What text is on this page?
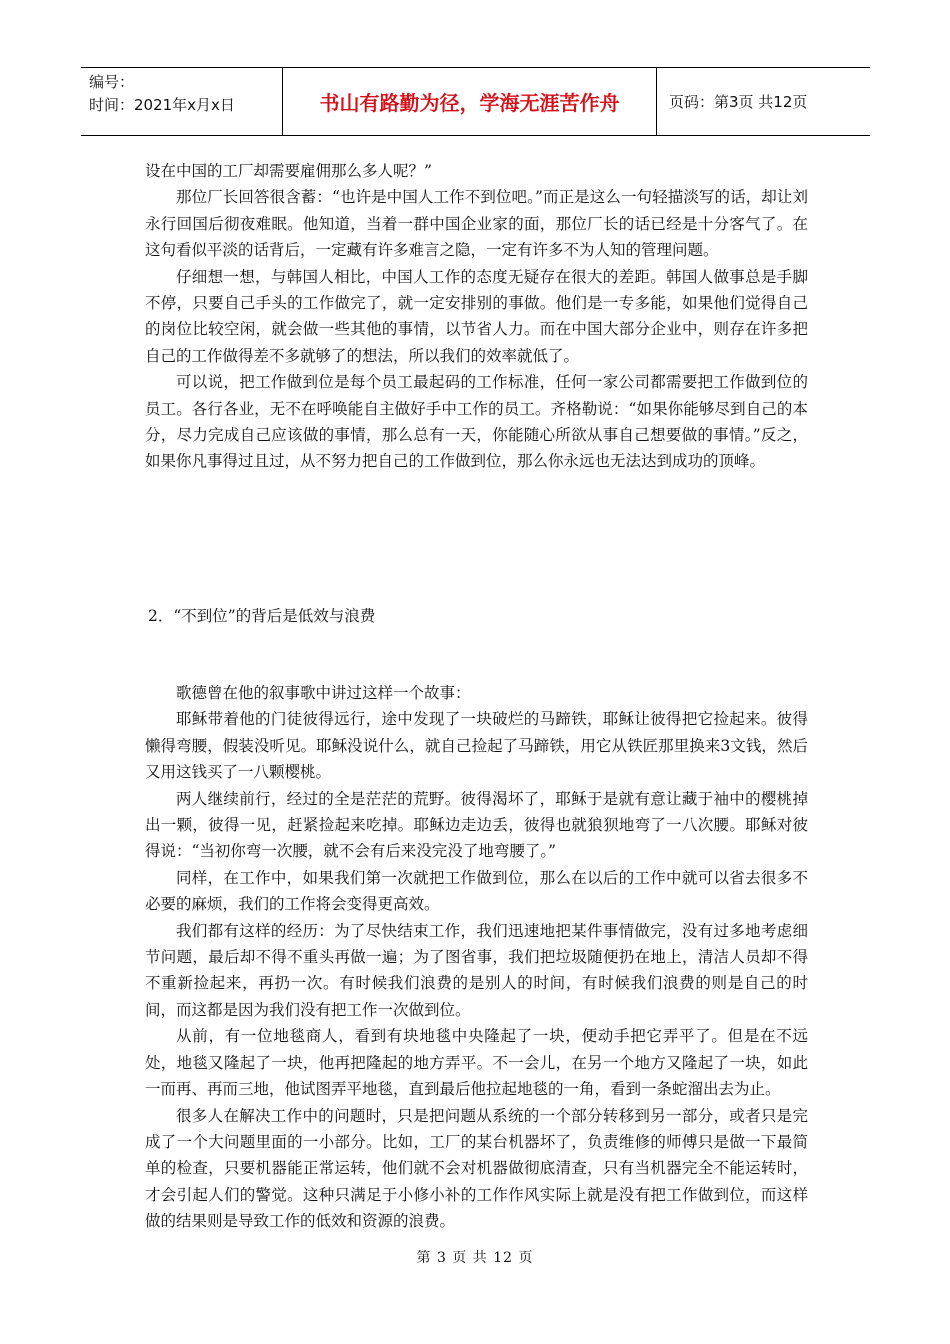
编号：
时间：2021年x月x日	书山有路勤为径，学海无涯苦作舟	页码：第3页 共12页

设在中国的工厂却需要雇佣那么多人呢？”

那位厂长回答很含蓄：“也许是中国人工作不到位吧。”而正是这么一句轻描淡写的话，却让刘永行回国后彻夜难眠。他知道，当着一群中国企业家的面，那位厂长的话已经是十分客气了。在这句看似平淡的话背后，一定藏有许多难言之隐，一定有许多不为人知的管理问题。

仔细想一想，与韩国人相比，中国人工作的态度无疑存在很大的差距。韩国人做事总是手脚不停，只要自己手头的工作做完了，就一定安排别的事做。他们是一专多能，如果他们觉得自己的岗位比较空闲，就会做一些其他的事情，以节省人力。而在中国大部分企业中，则存在许多把自己的工作做得差不多就够了的想法，所以我们的效率就低了。

可以说，把工作做到位是每个员工最起码的工作标准，任何一家公司都需要把工作做到位的员工。各行各业，无不在呼唤能自主做好手中工作的员工。齐格勒说：“如果你能够尽到自己的本分，尽力完成自己应该做的事情，那么总有一天，你能随心所欲从事自己想要做的事情。”反之，如果你凡事得过且过，从不努力把自己的工作做到位，那么你永远也无法达到成功的顶峰。

2．“不到位”的背后是低效与浪费

歌德曾在他的叙事歌中讲过这样一个故事：

耶稣带着他的门徒彼得远行，途中发现了一块破烂的马蹄铁，耶稣让彼得把它捡起来。彼得懒得弯腰，假装没听见。耶稣没说什么，就自己捡起了马蹄铁，用它从铁匠那里换来3文钱，然后又用这钱买了一八颗樱桃。

两人继续前行，经过的全是茫茫的荒野。彼得渴坏了，耶稣于是就有意让藏于袖中的樱桃掉出一颗，彼得一见，赶紧捡起来吃掉。耶稣边走边丢，彼得也就狼狈地弯了一八次腰。耶稣对彼得说：“当初你弯一次腰，就不会有后来没完没了地弯腰了。”

同样，在工作中，如果我们第一次就把工作做到位，那么在以后的工作中就可以省去很多不必要的麻烦，我们的工作将会变得更高效。

我们都有这样的经历：为了尽快结束工作，我们迅速地把某件事情做完，没有过多地考虑细节问题，最后却不得不重头再做一遍；为了图省事，我们把垃圾随便扔在地上，清洁人员却不得不重新捡起来，再扔一次。有时候我们浪费的是别人的时间，有时候我们浪费的则是自己的时间，而这都是因为我们没有把工作一次做到位。

从前，有一位地毯商人，看到有块地毯中央隆起了一块，便动手把它弄平了。但是在不远处，地毯又隆起了一块，他再把隆起的地方弄平。不一会儿，在另一个地方又隆起了一块，如此一而再、再而三地，他试图弄平地毯，直到最后他拉起地毯的一角，看到一条蛇溜出去为止。

很多人在解决工作中的问题时，只是把问题从系统的一个部分转移到另一部分，或者只是完成了一个大问题里面的一小部分。比如，工厂的某台机器坏了，负责维修的师傅只是做一下最简单的检查，只要机器能正常运转，他们就不会对机器做彻底清查，只有当机器完全不能运转时，才会引起人们的警觉。这种只满足于小修小补的工作作风实际上就是没有把工作做到位，而这样做的结果则是导致工作的低效和资源的浪费。

第 3 页 共 12 页
